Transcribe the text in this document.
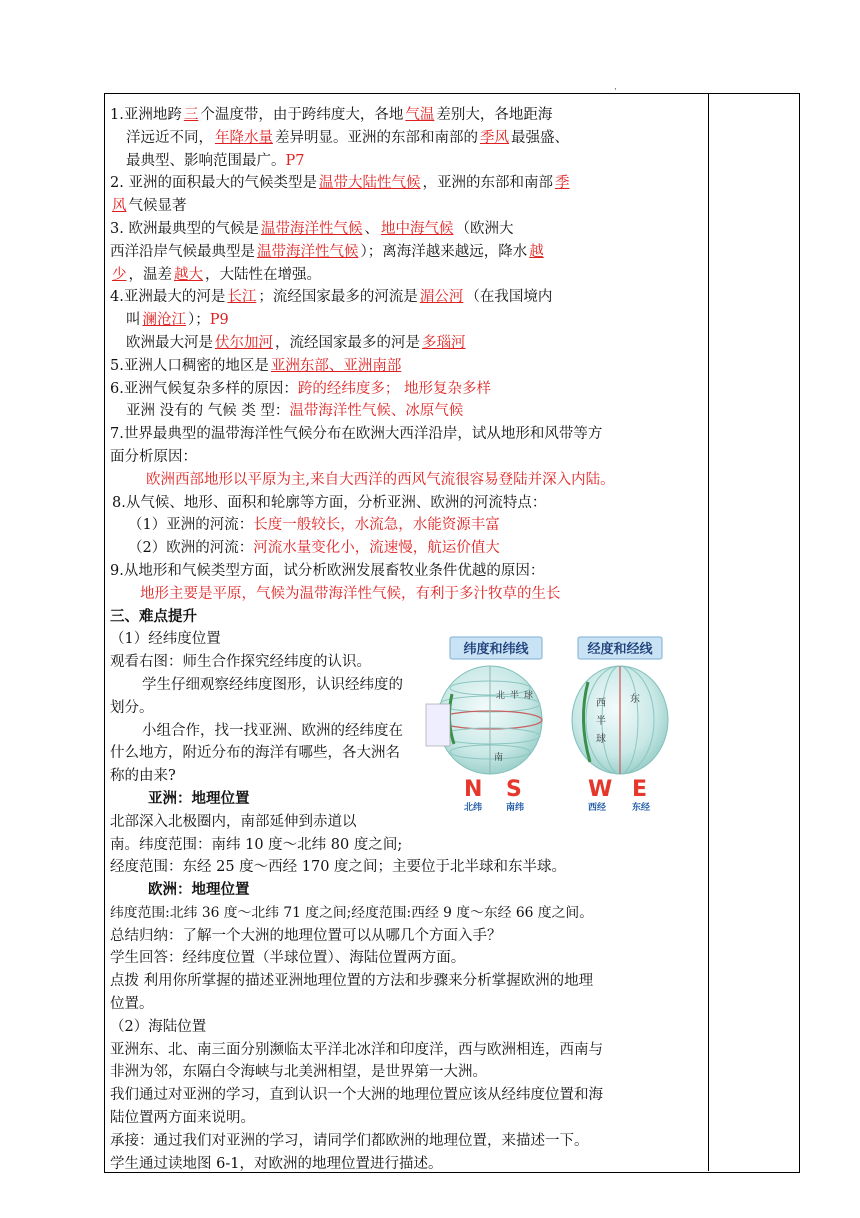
·
1.亚洲地跨 三 个温度带，由于跨纬度大，各地 气温 差别大，各地距海
洋远近不同， 年降水量 差异明显。亚洲的东部和南部的 季风 最强盛、
最典型、影响范围最广。P7
2. 亚洲的面积最大的气候类型是 温带大陆性气候 ，亚洲的东部和南部 季
风 气候显著
3. 欧洲最典型的气候是 温带海洋性气候 、 地中海气候 （欧洲大
西洋沿岸气候最典型是 温带海洋性气候 ）；离海洋越来越远，降水 越
少 ，温差 越大 ，大陆性在增强。
4.亚洲最大的河是 长江 ；流经国家最多的河流是 湄公河 （在我国境内
叫 澜沧江 ）；P9
欧洲最大河是 伏尔加河 ，流经国家最多的河是 多瑙河
5.亚洲人口稠密的地区是 亚洲东部、亚洲南部
6.亚洲气候复杂多样的原因：跨的经纬度多； 地形复杂多样
亚洲 没有的 气候 类 型：温带海洋性气候、冰原气候
7.世界最典型的温带海洋性气候分布在欧洲大西洋沿岸，试从地形和风带等方
面分析原因：
欧洲西部地形以平原为主,来自大西洋的西风气流很容易登陆并深入内陆。
8.从气候、地形、面积和轮廓等方面，分析亚洲、欧洲的河流特点：
（1）亚洲的河流：长度一般较长，水流急，水能资源丰富
（2）欧洲的河流：河流水量变化小，流速慢，航运价值大
9.从地形和气候类型方面，试分析欧洲发展畜牧业条件优越的原因：
地形主要是平原，气候为温带海洋性气候，有利于多汁牧草的生长
三、难点提升
（1）经纬度位置
观看右图：师生合作探究经纬度的认识。
学生仔细观察经纬度图形，认识经纬度的划分。
小组合作，找一找亚洲、欧洲的经纬度在什么地方，附近分布的海洋有哪些，各大洲名称的由来?
亚洲：地理位置
北部深入北极圈内，南部延伸到赤道以
南。纬度范围：南纬 10 度～北纬 80 度之间;
经度范围：东经 25 度～西经 170 度之间；主要位于北半球和东半球。
欧洲：地理位置
纬度范围:北纬 36 度～北纬 71 度之间;经度范围:西经 9 度～东经 66 度之间。
总结归纳：了解一个大洲的地理位置可以从哪几个方面入手？
学生回答：经纬度位置（半球位置）、海陆位置两方面。
点拨 利用你所掌握的描述亚洲地理位置的方法和步骤来分析掌握欧洲的地理
位置。
（2）海陆位置
亚洲东、北、南三面分别濒临太平洋北冰洋和印度洋，西与欧洲相连，西南与
非洲为邻，东隔白令海峡与北美洲相望，是世界第一大洲。
我们通过对亚洲的学习，直到认识一个大洲的地理位置应该从经纬度位置和海
陆位置两方面来说明。
承接：通过我们对亚洲的学习，请同学们都欧洲的地理位置，来描述一下。
学生通过读地图 6-1，对欧洲的地理位置进行描述。
纬度和纬线	经度和经线
北 半 球
南
西
半
球
东
N S	W E
北纬	南纬	西经	东经
